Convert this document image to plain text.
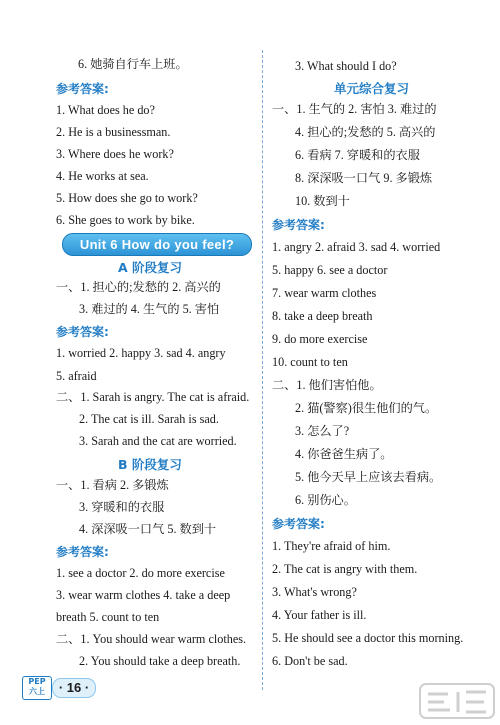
6. 她骑自行车上班。
参考答案:
1. What does he do?
2. He is a businessman.
3. Where does he work?
4. He works at sea.
5. How does she go to work?
6. She goes to work by bike.
Unit 6 How do you feel?
A 阶段复习
一、1. 担心的;发愁的 2. 高兴的
3. 难过的 4. 生气的 5. 害怕
参考答案:
1. worried 2. happy 3. sad 4. angry
5. afraid
二、1. Sarah is angry. The cat is afraid.
2. The cat is ill. Sarah is sad.
3. Sarah and the cat are worried.
B 阶段复习
一、1. 看病 2. 多锻炼
3. 穿暖和的衣服
4. 深深吸一口气 5. 数到十
参考答案:
1. see a doctor 2. do more exercise
3. wear warm clothes 4. take a deep
breath 5. count to ten
二、1. You should wear warm clothes.
2. You should take a deep breath.
3. What should I do?
单元综合复习
一、1. 生气的 2. 害怕 3. 难过的
4. 担心的;发愁的 5. 高兴的
6. 看病 7. 穿暖和的衣服
8. 深深吸一口气 9. 多锻炼
10. 数到十
参考答案:
1. angry 2. afraid 3. sad 4. worried
5. happy 6. see a doctor
7. wear warm clothes
8. take a deep breath
9. do more exercise
10. count to ten
二、1. 他们害怕他。
2. 猫(警察)很生他们的气。
3. 怎么了?
4. 你爸爸生病了。
5. 他今天早上应该去看病。
6. 别伤心。
参考答案:
1. They're afraid of him.
2. The cat is angry with them.
3. What's wrong?
4. Your father is ill.
5. He should see a doctor this morning.
6. Don't be sad.
PEP
六上	· 16 ·
